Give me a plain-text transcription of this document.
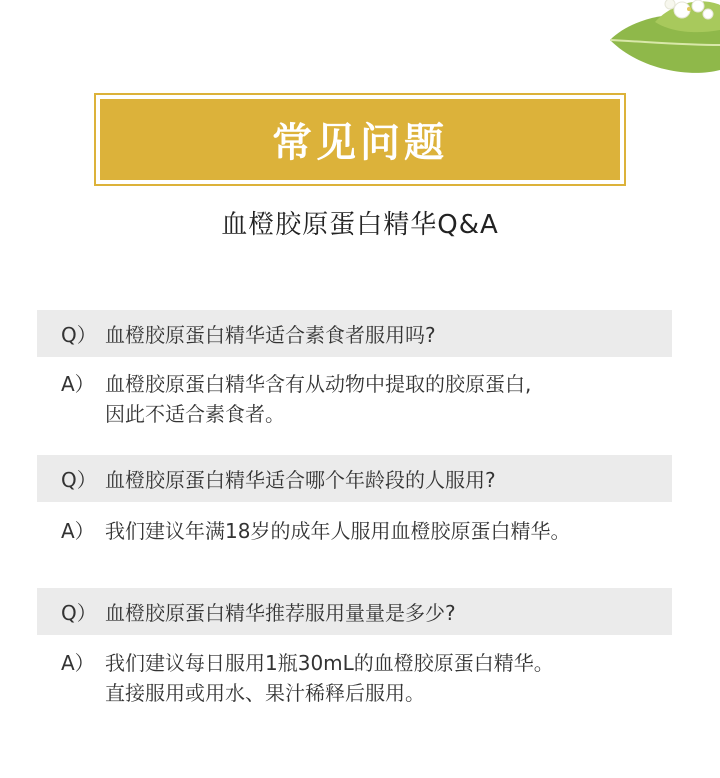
常见问题
血橙胶原蛋白精华Q&A
Q） 血橙胶原蛋白精华适合素食者服用吗?
A） 血橙胶原蛋白精华含有从动物中提取的胶原蛋白,
因此不适合素食者。
Q） 血橙胶原蛋白精华适合哪个年龄段的人服用?
A） 我们建议年满18岁的成年人服用血橙胶原蛋白精华。
Q） 血橙胶原蛋白精华推荐服用量量是多少?
A） 我们建议每日服用1瓶30mL的血橙胶原蛋白精华。
直接服用或用水、果汁稀释后服用。
